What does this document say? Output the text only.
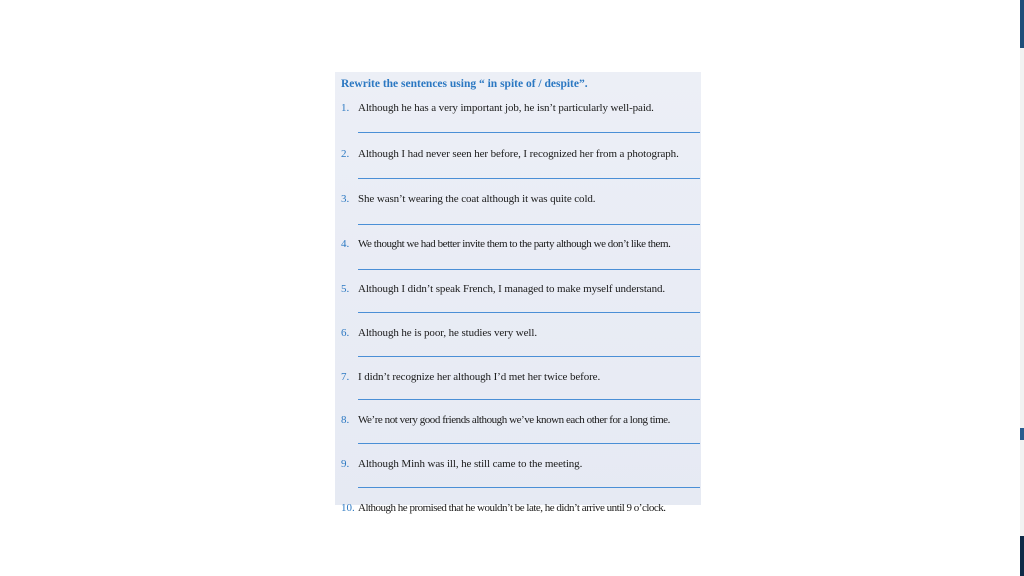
Rewrite the sentences using “ in spite of / despite”.
1. Although he has a very important job, he isn’t particularly well-paid.
2. Although I had never seen her before, I recognized her from a photograph.
3. She wasn’t wearing the coat although it was quite cold.
4. We thought we had better invite them to the party although we don’t like them.
5. Although I didn’t speak French, I managed to make myself understand.
6. Although he is poor, he studies very well.
7. I didn’t recognize her although I’d met her twice before.
8. We’re not very good friends although we’ve known each other for a long time.
9. Although Minh was ill, he still came to the meeting.
10. Although he promised that he wouldn’t be late, he didn’t arrive until 9 o’clock.
